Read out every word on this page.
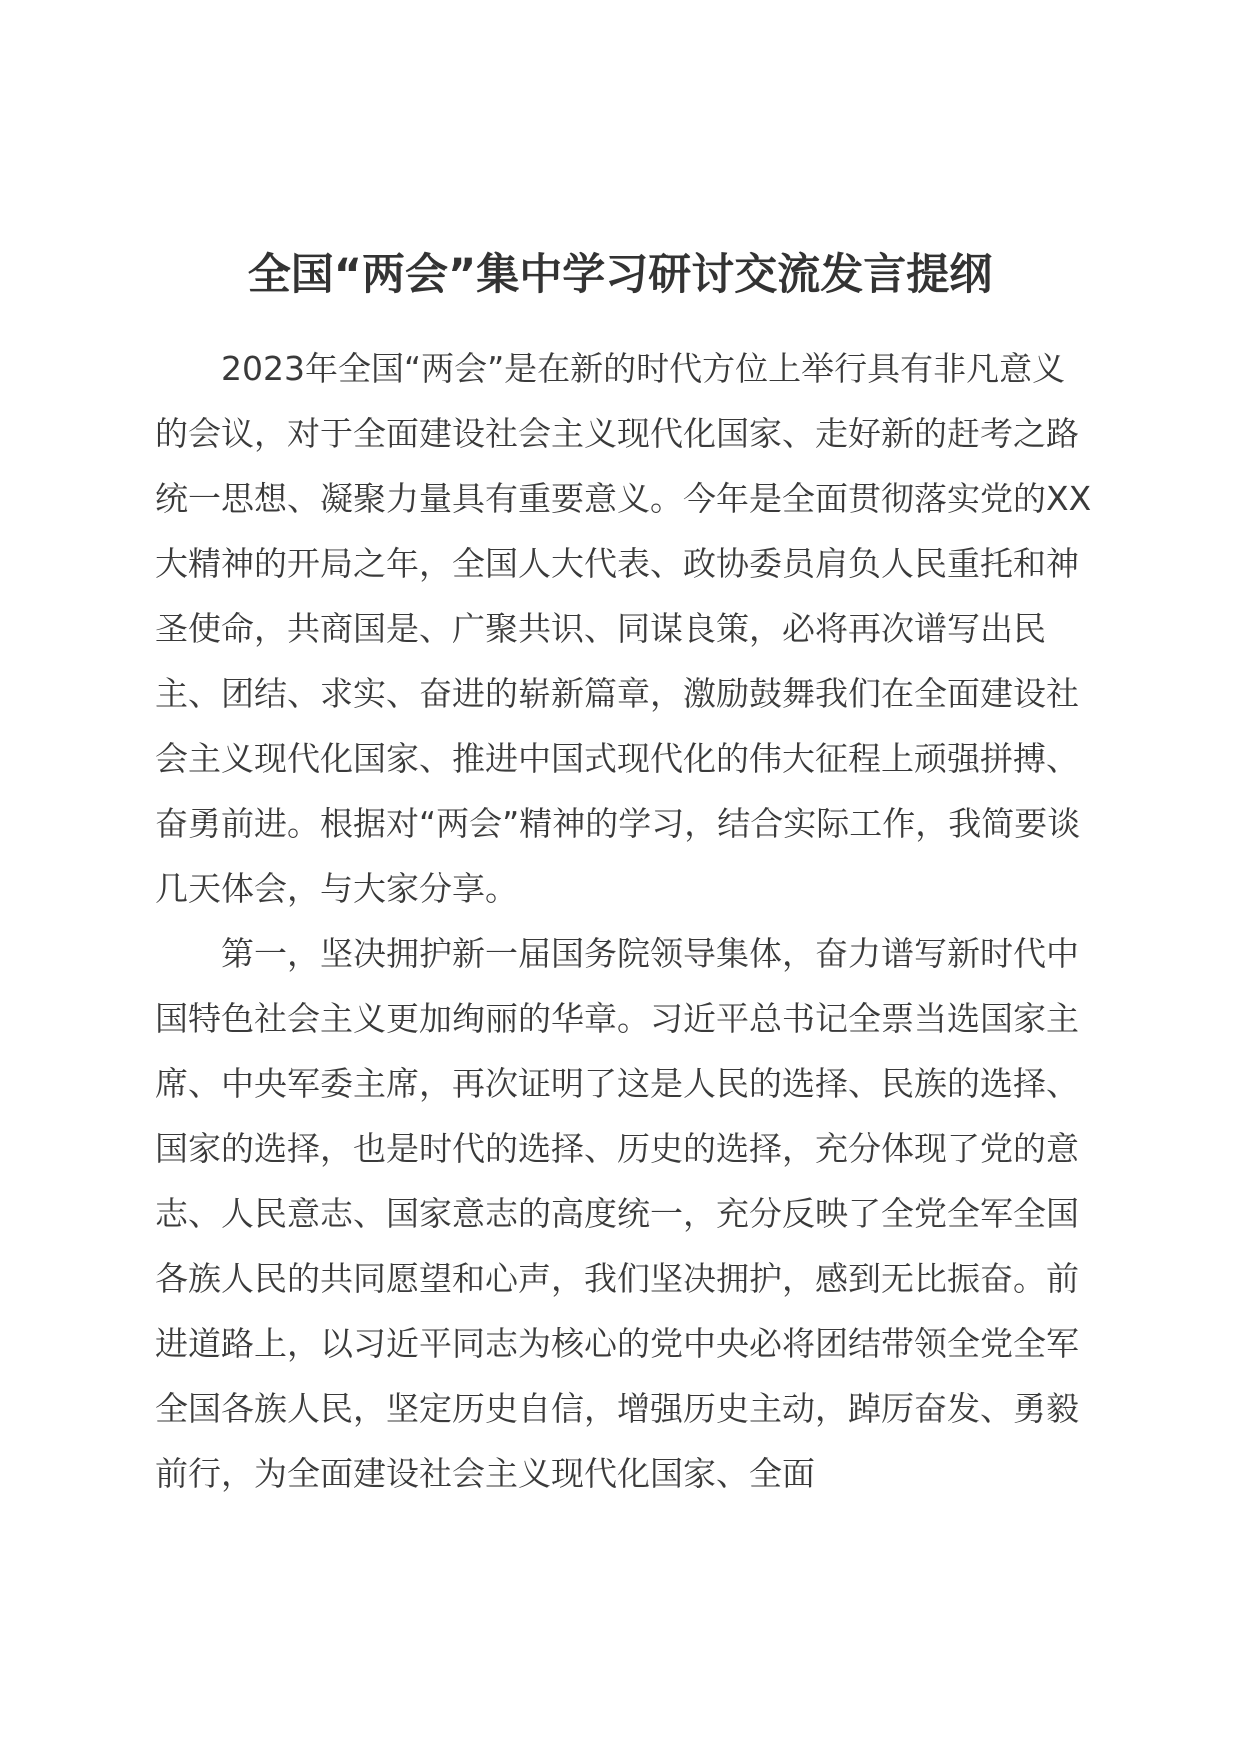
全国“两会”集中学习研讨交流发言提纲

2023年全国“两会”是在新的时代方位上举行具有非凡意义的会议，对于全面建设社会主义现代化国家、走好新的赶考之路统一思想、凝聚力量具有重要意义。今年是全面贯彻落实党的XX大精神的开局之年，全国人大代表、政协委员肩负人民重托和神圣使命，共商国是、广聚共识、同谋良策，必将再次谱写出民主、团结、求实、奋进的崭新篇章，激励鼓舞我们在全面建设社会主义现代化国家、推进中国式现代化的伟大征程上顽强拼搏、奋勇前进。根据对“两会”精神的学习，结合实际工作，我简要谈几天体会，与大家分享。

第一，坚决拥护新一届国务院领导集体，奋力谱写新时代中国特色社会主义更加绚丽的华章。习近平总书记全票当选国家主席、中央军委主席，再次证明了这是人民的选择、民族的选择、国家的选择，也是时代的选择、历史的选择，充分体现了党的意志、人民意志、国家意志的高度统一，充分反映了全党全军全国各族人民的共同愿望和心声，我们坚决拥护，感到无比振奋。前进道路上，以习近平同志为核心的党中央必将团结带领全党全军全国各族人民，坚定历史自信，增强历史主动，踔厉奋发、勇毅前行，为全面建设社会主义现代化国家、全面
